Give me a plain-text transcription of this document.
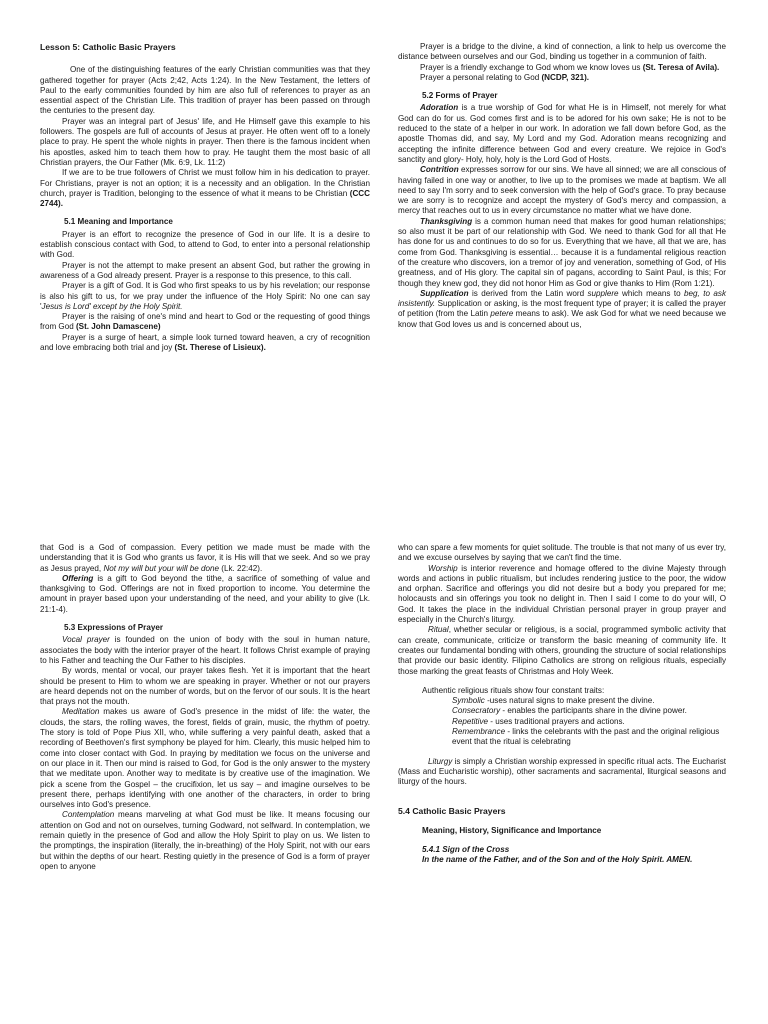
Lesson 5: Catholic Basic Prayers

One of the distinguishing features of the early Christian communities was that they gathered together for prayer (Acts 2;42, Acts 1:24). In the New Testament, the letters of Paul to the early communities founded by him are also full of references to prayer as an essential aspect of the Christian Life. This tradition of prayer has been passed on through the centuries to the present day.

Prayer was an integral part of Jesus' life, and He Himself gave this example to his followers. The gospels are full of accounts of Jesus at prayer. He often went off to a lonely place to pray. He spent the whole nights in prayer. Then there is the famous incident when his apostles, asked him to teach them how to pray. He taught them the most basic of all Christian prayers, the Our Father (Mk. 6:9, Lk. 11:2)

If we are to be true followers of Christ we must follow him in his dedication to prayer. For Christians, prayer is not an option; it is a necessity and an obligation. In the Christian church, prayer is Tradition, belonging to the essence of what it means to be Christian (CCC 2744).

5.1 Meaning and Importance

Prayer is an effort to recognize the presence of God in our life. It is a desire to establish conscious contact with God, to attend to God, to enter into a personal relationship with God.

Prayer is not the attempt to make present an absent God, but rather the growing in awareness of a God already present. Prayer is a response to this presence, to this call.

Prayer is a gift of God. It is God who first speaks to us by his revelation; our response is also his gift to us, for we pray under the influence of the Holy Spirit: No one can say 'Jesus is Lord' except by the Holy Spirit.

Prayer is the raising of one's mind and heart to God or the requesting of good things from God (St. John Damascene)

Prayer is a surge of heart, a simple look turned toward heaven, a cry of recognition and love embracing both trial and joy (St. Therese of Lisieux).

Prayer is a bridge to the divine, a kind of connection, a link to help us overcome the distance between ourselves and our God, binding us together in a communion of faith.

Prayer is a friendly exchange to God whom we know loves us (St. Teresa of Avila).

Prayer a personal relating to God (NCDP, 321).

5.2 Forms of Prayer

Adoration is a true worship of God for what He is in Himself, not merely for what God can do for us. God comes first and is to be adored for his own sake; He is not to be reduced to the state of a helper in our work. In adoration we fall down before God, as the apostle Thomas did, and say, My Lord and my God. Adoration means recognizing and accepting the infinite difference between God and every creature. We rejoice in God's sanctity and glory- Holy, holy, holy is the Lord God of Hosts.

Contrition expresses sorrow for our sins. We have all sinned; we are all conscious of having failed in one way or another, to live up to the promises we made at baptism. We all need to say I'm sorry and to seek conversion with the help of God's grace. To pray because we are sorry is to recognize and accept the mystery of God's mercy and compassion, a mercy that reaches out to us in every circumstance no matter what we have done.

Thanksgiving is a common human need that makes for good human relationships; so also must it be part of our relationship with God. We need to thank God for all that He has done for us and continues to do so for us. Everything that we have, all that we are, has come from God. Thanksgiving is essential… because it is a fundamental religious reaction of the creature who discovers, ion a tremor of joy and veneration, something of God, of His greatness, and of His glory. The capital sin of pagans, according to Saint Paul, is this; For though they knew god, they did not honor Him as God or give thanks to Him (Rom 1:21).

Supplication is derived from the Latin word supplere which means to beg, to ask insistently. Supplication or asking, is the most frequent type of prayer; it is called the prayer of petition (from the Latin petere means to ask). We ask God for what we need because we know that God loves us and is concerned about us,

that God is a God of compassion. Every petition we made must be made with the understanding that it is God who grants us favor, it is His will that we seek. And so we pray as Jesus prayed, Not my will but your will be done (Lk. 22:42).

Offering is a gift to God beyond the tithe, a sacrifice of something of value and thanksgiving to God. Offerings are not in fixed proportion to income. You determine the amount in prayer based upon your understanding of the need, and your ability to give (Lk. 21:1-4).

5.3 Expressions of Prayer

Vocal prayer is founded on the union of body with the soul in human nature, associates the body with the interior prayer of the heart. It follows Christ example of praying to his Father and teaching the Our Father to his disciples.

By words, mental or vocal, our prayer takes flesh. Yet it is important that the heart should be present to Him to whom we are speaking in prayer. Whether or not our prayers are heard depends not on the number of words, but on the fervor of our souls. It is the heart that prays not the mouth.

Meditation makes us aware of God's presence in the midst of life: the water, the clouds, the stars, the rolling waves, the forest, fields of grain, music, the rhythm of poetry. The story is told of Pope Pius XII, who, while suffering a very painful death, asked that a recording of Beethoven's first symphony be played for him. Clearly, this music helped him to come into closer contact with God. In praying by meditation we focus on the universe and on our place in it. Then our mind is raised to God, for God is the only answer to the mystery that we meditate upon. Another way to meditate is by creative use of the imagination. We pick a scene from the Gospel – the crucifixion, let us say – and imagine ourselves to be present there, perhaps identifying with one another of the characters, in order to bring ourselves into God's presence.

Contemplation means marveling at what God must be like. It means focusing our attention on God and not on ourselves, turning Godward, not selfward. In contemplation, we remain quietly in the presence of God and allow the Holy Spirit to play on us. We listen to the promptings, the inspiration (literally, the in-breathing) of the Holy Spirit, not with our ears but within the depths of our heart. Resting quietly in the presence of God is a form of prayer open to anyone

who can spare a few moments for quiet solitude. The trouble is that not many of us ever try, and we excuse ourselves by saying that we can't find the time.

Worship is interior reverence and homage offered to the divine Majesty through words and actions in public ritualism, but includes rendering justice to the poor, the widow and orphan. Sacrifice and offerings you did not desire but a body you prepared for me; holocausts and sin offerings you took no delight in. Then I said I come to do your will, O God. It takes the place in the individual Christian personal prayer in group prayer and especially in the Church's liturgy.

Ritual, whether secular or religious, is a social, programmed symbolic activity that can create, communicate, criticize or transform the basic meaning of community life. It creates our fundamental bonding with others, grounding the structure of social relationships that provide our basic identity. Filipino Catholics are strong on religious rituals, especially those marking the great feasts of Christmas and Holy Week.

Authentic religious rituals show four constant traits:

Symbolic -uses natural signs to make present the divine.

Consecratory - enables the participants share in the divine power.

Repetitive - uses traditional prayers and actions.

Remembrance - links the celebrants with the past and the original religious event that the ritual is celebrating

Liturgy is simply a Christian worship expressed in specific ritual acts. The Eucharist (Mass and Eucharistic worship), other sacraments and sacramental, liturgical seasons and liturgy of the hours.

5.4 Catholic Basic Prayers

Meaning, History, Significance and Importance

5.4.1 Sign of the Cross

In the name of the Father, and of the Son and of the Holy Spirit. AMEN.
